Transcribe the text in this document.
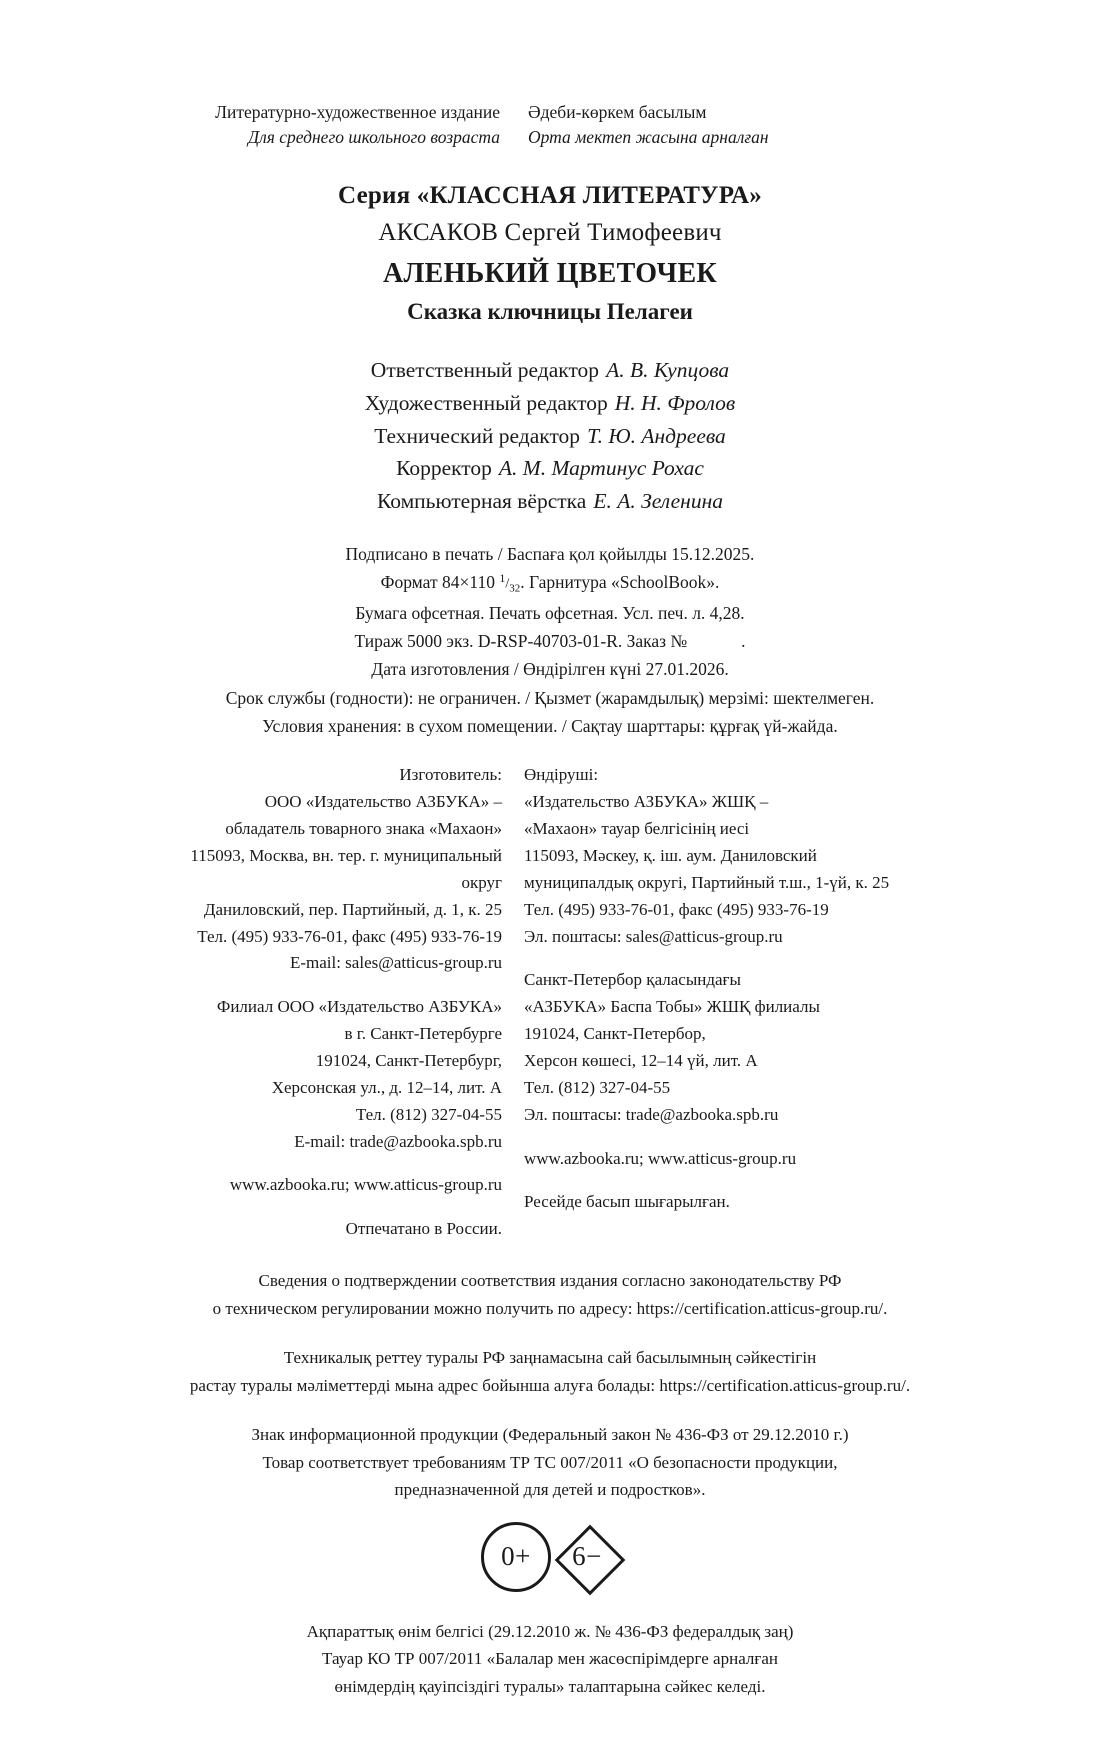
Литературно-художественное издание
Для среднего школьного возраста
Әдеби-көркем басылым
Орта мектеп жасына арналған
Серия «КЛАССНАЯ ЛИТЕРАТУРА»
АКСАКОВ Сергей Тимофеевич
АЛЕНЬКИЙ ЦВЕТОЧЕК
Сказка ключницы Пелагеи
Ответственный редактор А. В. Купцова
Художественный редактор Н. Н. Фролов
Технический редактор Т. Ю. Андреева
Корректор А. М. Мартинус Рохас
Компьютерная вёрстка Е. А. Зеленина
Подписано в печать / Баспаға қол қойылды 15.12.2025.
Формат 84×110 $^1/_{32}$. Гарнитура «SchoolBook».
Бумага офсетная. Печать офсетная. Усл. печ. л. 4,28.
Тираж 5000 экз. D-RSP-40703-01-R. Заказ №	.
Дата изготовления / Өндірілген күні 27.01.2026.
Срок службы (годности): не ограничен. / Қызмет (жарамдылық) мерзімі: шектелмеген.
Условия хранения: в сухом помещении. / Сақтау шарттары: құрғақ үй-жайда.
Изготовитель:
ООО «Издательство АЗБУКА» –
обладатель товарного знака «Махаон»
115093, Москва, вн. тер. г. муниципальный округ
Даниловский, пер. Партийный, д. 1, к. 25
Тел. (495) 933-76-01, факс (495) 933-76-19
E-mail: sales@atticus-group.ru
Филиал ООО «Издательство АЗБУКА»
в г. Санкт-Петербурге
191024, Санкт-Петербург,
Херсонская ул., д. 12–14, лит. А
Тел. (812) 327-04-55
E-mail: trade@azbooka.spb.ru
www.azbooka.ru; www.atticus-group.ru
Отпечатано в России.
Өндіруші:
«Издательство АЗБУКА» ЖШҚ –
«Махаон» тауар белгісінің иесі
115093, Мәскеу, қ. іш. аум. Даниловский
муниципалдық округі, Партийный т.ш., 1-үй, к. 25
Тел. (495) 933-76-01, факс (495) 933-76-19
Эл. поштасы: sales@atticus-group.ru
Санкт-Петербор қаласындағы
«АЗБУКА» Баспа Тобы» ЖШҚ филиалы
191024, Санкт-Петербор,
Херсон көшесі, 12–14 үй, лит. А
Тел. (812) 327-04-55
Эл. поштасы: trade@azbooka.spb.ru
www.azbooka.ru; www.atticus-group.ru
Ресейде басып шығарылған.

Сведения о подтверждении соответствия издания согласно законодательству РФ
о техническом регулировании можно получить по адресу: https://certification.atticus-group.ru/.

Техникалық реттеу туралы РФ заңнамасына сай басылымның сәйкестігін
растау туралы мәліметтерді мына адрес бойынша алуға болады: https://certification.atticus-group.ru/.

Знак информационной продукции (Федеральный закон № 436-ФЗ от 29.12.2010 г.)
Товар соответствует требованиям ТР ТС 007/2011 «О безопасности продукции,
предназначенной для детей и подростков».

0+ 6−
Ақпараттық өнім белгісі (29.12.2010 ж. № 436-ФЗ федералдық заң)
Тауар КО ТР 007/2011 «Балалар мен жасөспірімдерге арналған
өнімдердің қауіпсіздігі туралы» талаптарына сәйкес келеді.
